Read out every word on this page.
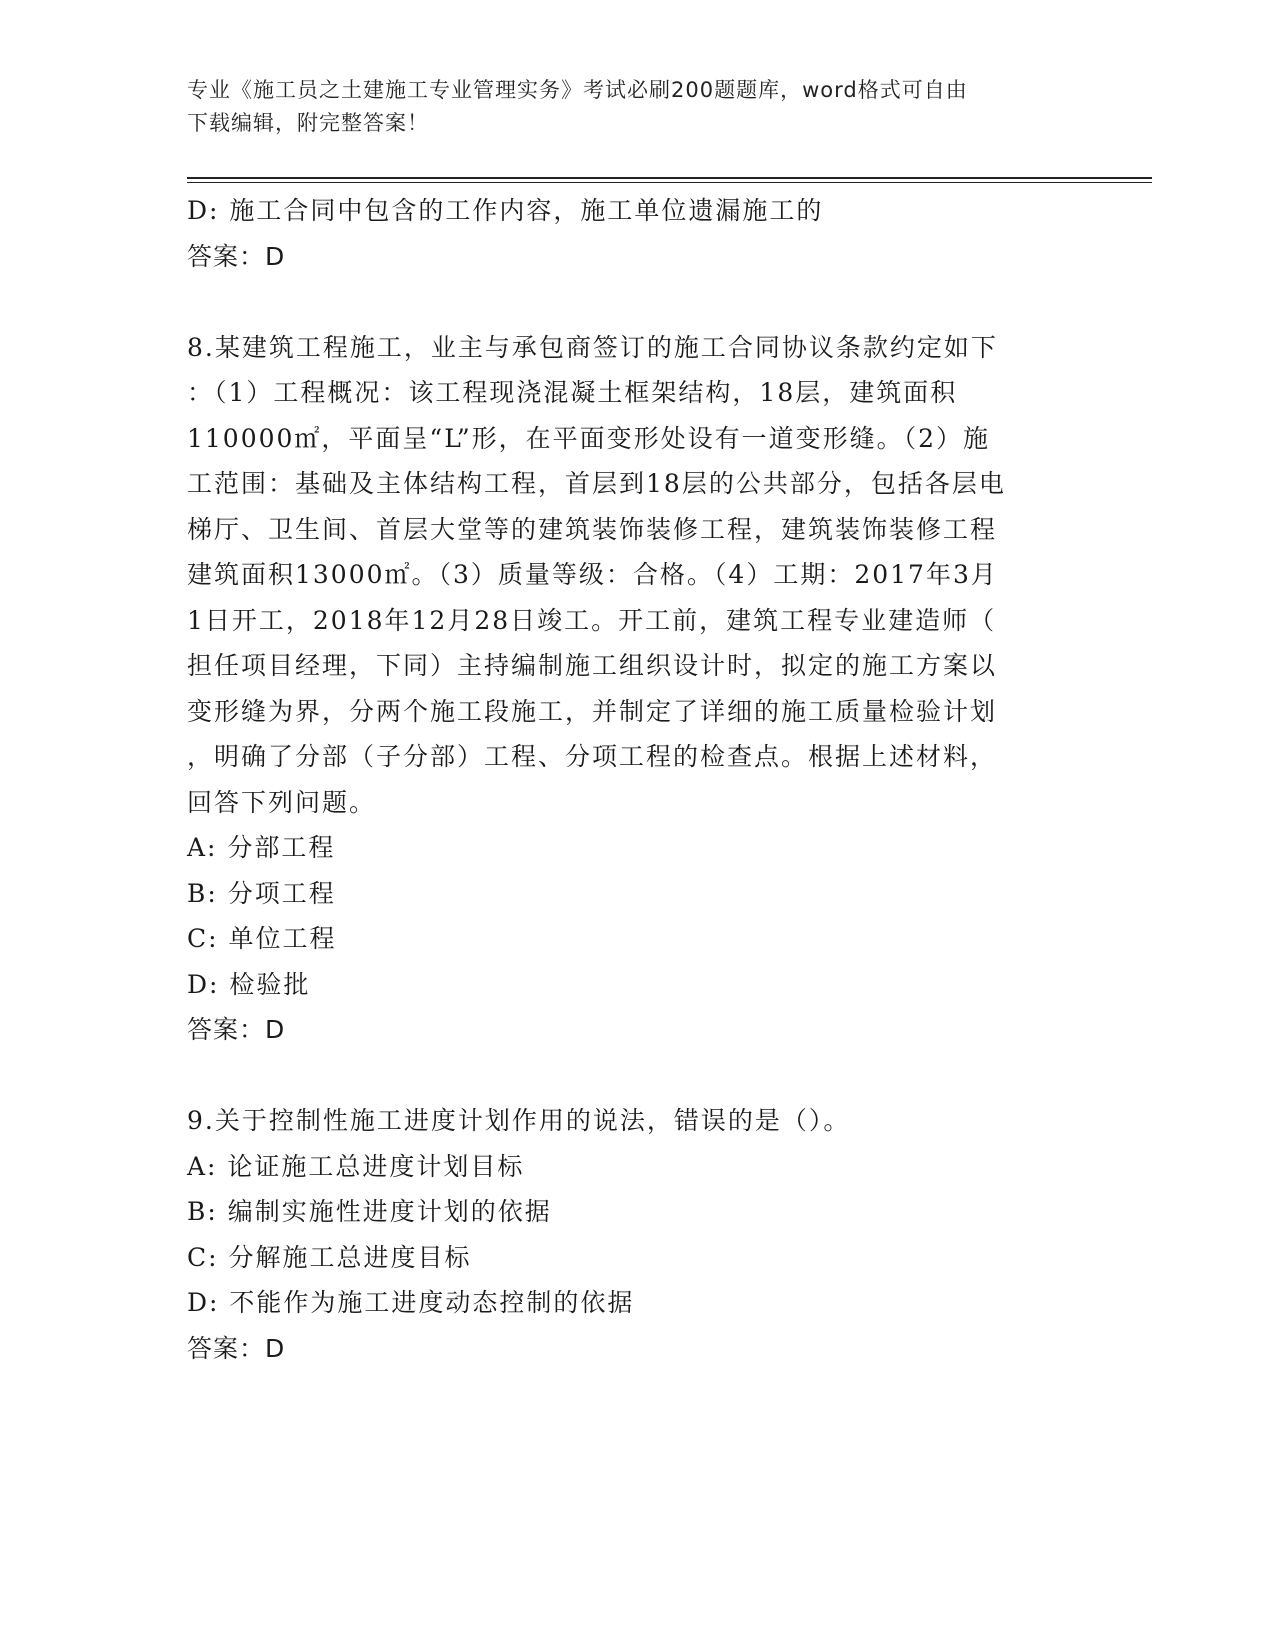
专业《施工员之土建施工专业管理实务》考试必刷200题题库，word格式可自由
下载编辑，附完整答案！
D: 施工合同中包含的工作内容，施工单位遗漏施工的
答案：D
8.某建筑工程施工，业主与承包商签订的施工合同协议条款约定如下
：（1）工程概况：该工程现浇混凝土框架结构，18层，建筑面积
110000㎡，平面呈“L”形，在平面变形处设有一道变形缝。（2）施
工范围：基础及主体结构工程，首层到18层的公共部分，包括各层电
梯厅、卫生间、首层大堂等的建筑装饰装修工程，建筑装饰装修工程
建筑面积13000㎡。（3）质量等级：合格。（4）工期：2017年3月
1日开工，2018年12月28日竣工。开工前，建筑工程专业建造师（
担任项目经理，下同）主持编制施工组织设计时，拟定的施工方案以
变形缝为界，分两个施工段施工，并制定了详细的施工质量检验计划
，明确了分部（子分部）工程、分项工程的检查点。根据上述材料，
回答下列问题。
A: 分部工程
B: 分项工程
C: 单位工程
D: 检验批
答案：D
9.关于控制性施工进度计划作用的说法，错误的是（）。
A: 论证施工总进度计划目标
B: 编制实施性进度计划的依据
C: 分解施工总进度目标
D: 不能作为施工进度动态控制的依据
答案：D
